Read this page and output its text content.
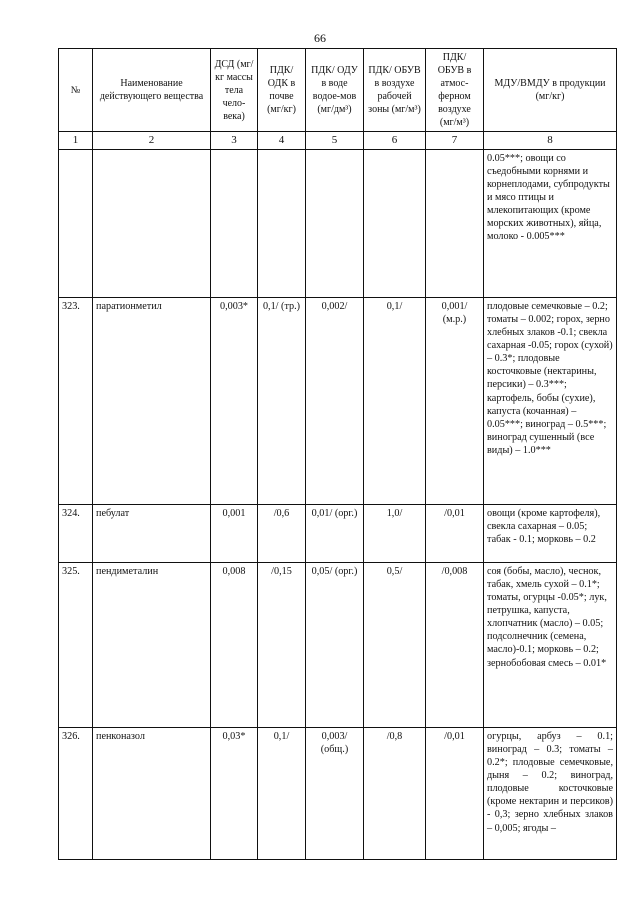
66
№	Наименование действующего вещества	ДСД (мг/кг массы тела чело-века)	ПДК/ ОДК в почве (мг/кг)	ПДК/ ОДУ в воде водое-мов (мг/дм³)	ПДК/ ОБУВ в воздухе рабочей зоны (мг/м³)	ПДК/ ОБУВ в атмос-ферном воздухе (мг/м³)	МДУ/ВМДУ в продукции (мг/кг)
1	2	3	4	5	6	7	8
							0.05***; овощи со съедобными корнями и корнеплодами, субпродукты и мясо птицы и млекопитающих (кроме морских животных), яйца, молоко - 0.005***
323.	паратионметил	0,003*	0,1/ (тр.)	0,002/	0,1/	0,001/ (м.р.)	плодовые семечковые – 0.2; томаты – 0.002; горох, зерно хлебных злаков -0.1; свекла сахарная -0.05; горох (сухой) – 0.3*; плодовые косточковые (нектарины, персики) – 0.3***; картофель, бобы (сухие), капуста (кочанная) – 0.05***; виноград – 0.5***; виноград сушенный (все виды) – 1.0***
324.	пебулат	0,001	/0,6	0,01/ (орг.)	1,0/	/0,01	овощи (кроме картофеля), свекла сахарная – 0.05; табак - 0.1; морковь – 0.2
325.	пендиметалин	0,008	/0,15	0,05/ (орг.)	0,5/	/0,008	соя (бобы, масло), чеснок, табак, хмель сухой – 0.1*; томаты, огурцы -0.05*; лук, петрушка, капуста, хлопчатник (масло) – 0.05; подсолнечник (семена, масло)-0.1; морковь – 0.2; зернобобовая смесь – 0.01*
326.	пенконазол	0,03*	0,1/	0,003/ (общ.)	/0,8	/0,01	огурцы, арбуз – 0.1; виноград – 0.3; томаты – 0.2*; плодовые семечковые, дыня – 0.2; виноград, плодовые косточковые (кроме нектарин и персиков) - 0,3; зерно хлебных злаков – 0,005; ягоды –
